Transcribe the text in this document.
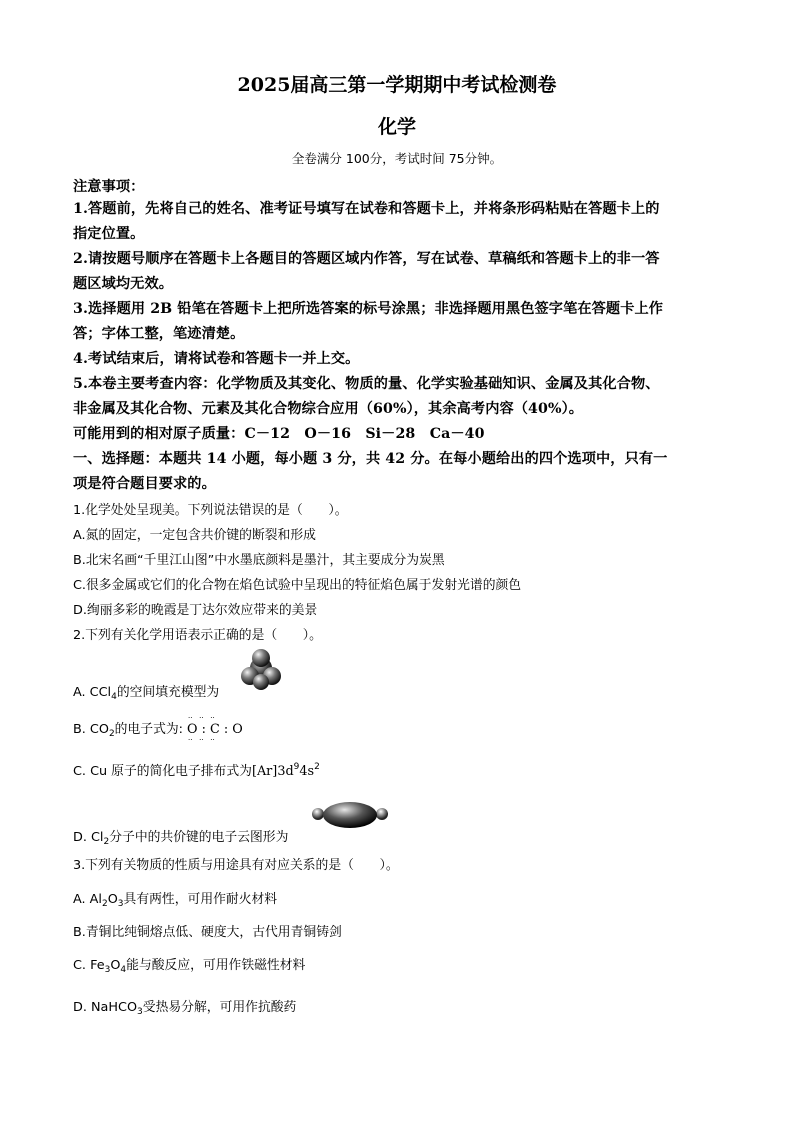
2025届高三第一学期期中考试检测卷
化学
全卷满分 100分，考试时间 75分钟。
注意事项：
1.答题前，先将自己的姓名、准考证号填写在试卷和答题卡上，并将条形码粘贴在答题卡上的
指定位置。
2.请按题号顺序在答题卡上各题目的答题区域内作答，写在试卷、草稿纸和答题卡上的非一答
题区域均无效。
3.选择题用 2B 铅笔在答题卡上把所选答案的标号涂黑；非选择题用黑色签字笔在答题卡上作
答；字体工整，笔迹清楚。
4.考试结束后，请将试卷和答题卡一并上交。
5.本卷主要考查内容：化学物质及其变化、物质的量、化学实验基础知识、金属及其化合物、
非金属及其化合物、元素及其化合物综合应用（60%），其余高考内容（40%）。
可能用到的相对原子质量：C－12　O－16　Si－28　Ca－40
一、选择题：本题共 14 小题，每小题 3 分，共 42 分。在每小题给出的四个选项中，只有一
项是符合题目要求的。
1.化学处处呈现美。下列说法错误的是（　　）。
A.氮的固定，一定包含共价键的断裂和形成
B.北宋名画“千里江山图”中水墨底颜料是墨汁，其主要成分为炭黑
C.很多金属或它们的化合物在焰色试验中呈现出的特征焰色属于发射光谱的颜色
D.绚丽多彩的晚霞是丁达尔效应带来的美景
2.下列有关化学用语表示正确的是（　　）。
A. CCl$_4$的空间填充模型为
B. $CO_2$的电子式为:
··   ··   ··
O : C : O
··   ··   ··
C. Cu 原子的简化电子排布式为$[Ar]3d^94s^2$
D. $Cl_2$分子中的共价键的电子云图形为
3.下列有关物质的性质与用途具有对应关系的是（　　）。
A. $Al_2O_3$具有两性，可用作耐火材料
B.青铜比纯铜熔点低、硬度大，古代用青铜铸剑
C. $Fe_3O_4$能与酸反应，可用作铁磁性材料
D. NaHCO$_3$受热易分解，可用作抗酸药
